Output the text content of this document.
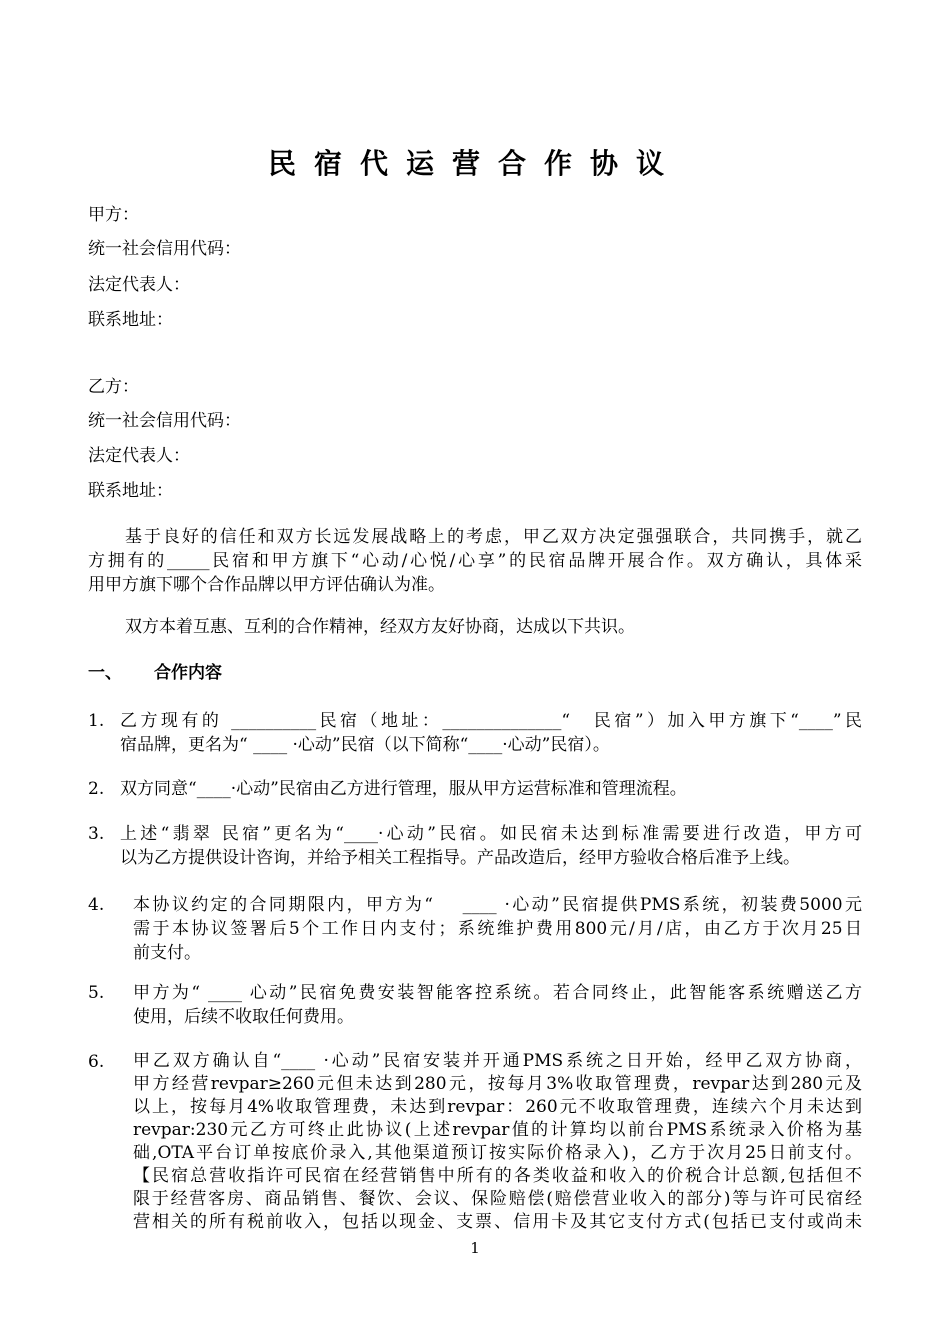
民宿代运营合作协议
甲方：
统一社会信用代码：
法定代表人：
联系地址：
乙方：
统一社会信用代码：
法定代表人：
联系地址：
基于良好的信任和双方长远发展战略上的考虑，甲乙双方决定强强联合，共同携手，就乙
方拥有的_____民宿和甲方旗下“心动/心悦/心享”的民宿品牌开展合作。双方确认，具体采
用甲方旗下哪个合作品牌以甲方评估确认为准。
双方本着互惠、互利的合作精神，经双方友好协商，达成以下共识。
一、 合作内容
1. 乙方现有的 __________民宿（地址：______________“　民宿”）加入甲方旗下“____”民
宿品牌，更名为“ ____ ·心动”民宿（以下简称“____·心动”民宿）。
2. 双方同意“____·心动”民宿由乙方进行管理，服从甲方运营标准和管理流程。
3. 上述“翡翠 民宿”更名为“____·心动”民宿。如民宿未达到标准需要进行改造，甲方可
以为乙方提供设计咨询，并给予相关工程指导。产品改造后，经甲方验收合格后准予上线。
4. 本协议约定的合同期限内，甲方为“　 ____ ·心动”民宿提供PMS系统，初装费5000元
需于本协议签署后5个工作日内支付；系统维护费用800元/月/店，由乙方于次月25日
前支付。
5. 甲方为“ ____ 心动”民宿免费安装智能客控系统。若合同终止，此智能客系统赠送乙方
使用，后续不收取任何费用。
6. 甲乙双方确认自“____ ·心动”民宿安装并开通PMS系统之日开始，经甲乙双方协商，
甲方经营revpar≥260元但未达到280元，按每月3%收取管理费，revpar达到280元及
以上，按每月4%收取管理费，未达到revpar：260元不收取管理费，连续六个月未达到
revpar:230元乙方可终止此协议(上述revpar值的计算均以前台PMS系统录入价格为基
础,OTA平台订单按底价录入,其他渠道预订按实际价格录入)，乙方于次月25日前支付。
【民宿总营收指许可民宿在经营销售中所有的各类收益和收入的价税合计总额,包括但不
限于经营客房、商品销售、餐饮、会议、保险赔偿(赔偿营业收入的部分)等与许可民宿经
营相关的所有税前收入，包括以现金、支票、信用卡及其它支付方式(包括已支付或尚未
1
